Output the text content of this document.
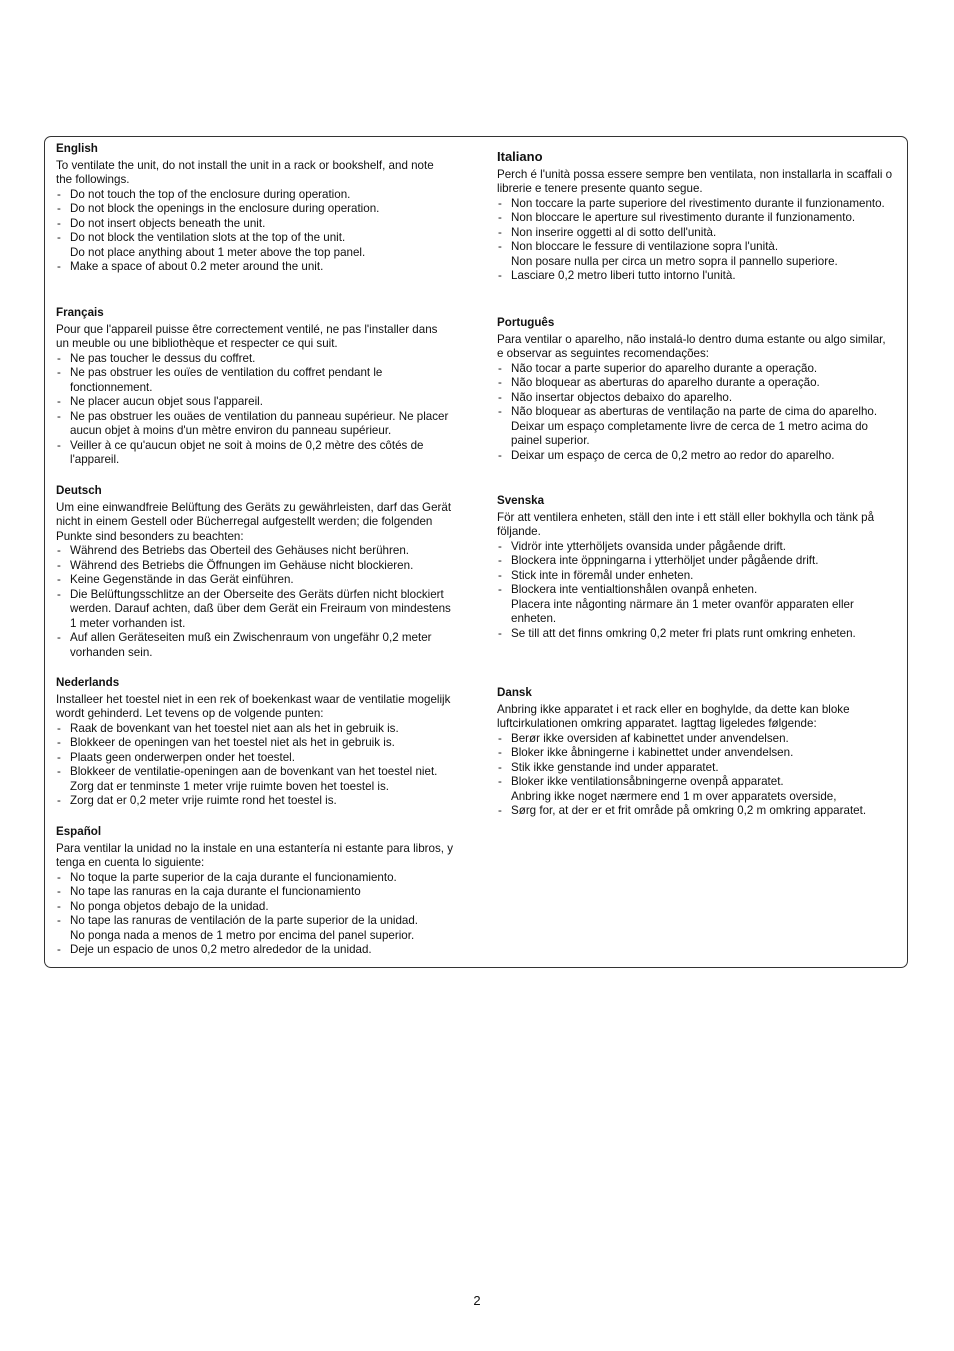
English

To ventilate the unit, do not install the unit in a rack or bookshelf, and note the followings.

- Do not touch the top of the enclosure during operation.
- Do not block the openings in the enclosure during operation.
- Do not insert objects beneath the unit.
- Do not block the ventilation slots at the top of the unit.
Do not place anything about 1 meter above the top panel.
- Make a space of about 0.2 meter around the unit.
Français

Pour que l'appareil puisse être correctement ventilé, ne pas l'installer dans un meuble ou une bibliothèque et respecter ce qui suit.

- Ne pas toucher le dessus du coffret.
- Ne pas obstruer les ouïes de ventilation du coffret pendant le fonctionnement.
- Ne placer aucun objet sous l'appareil.
- Ne pas obstruer les ouäes de ventilation du panneau supérieur. Ne placer aucun objet à moins d'un mètre environ du panneau supérieur.
- Veiller à ce qu'aucun objet ne soit à moins de 0,2 mètre des côtés de l'appareil.
Deutsch

Um eine einwandfreie Belüftung des Geräts zu gewährleisten, darf das Gerät nicht in einem Gestell oder Bücherregal aufgestellt werden; die folgenden Punkte sind besonders zu beachten:

- Während des Betriebs das Oberteil des Gehäuses nicht berühren.
- Während des Betriebs die Öffnungen im Gehäuse nicht blockieren.
- Keine Gegenstände in das Gerät einführen.
- Die Belüftungsschlitze an der Oberseite des Geräts dürfen nicht blockiert werden. Darauf achten, daß über dem Gerät ein Freiraum von mindestens 1 meter vorhanden ist.
- Auf allen Geräteseiten muß ein Zwischenraum von ungefähr 0,2 meter vorhanden sein.
Nederlands

Installeer het toestel niet in een rek of boekenkast waar de ventilatie mogelijk wordt gehinderd. Let tevens op de volgende punten:

- Raak de bovenkant van het toestel niet aan als het in gebruik is.
- Blokkeer de openingen van het toestel niet als het in gebruik is.
- Plaats geen onderwerpen onder het toestel.
- Blokkeer de ventilatie-openingen aan de bovenkant van het toestel niet. Zorg dat er tenminste 1 meter vrije ruimte boven het toestel is.
- Zorg dat er 0,2 meter vrije ruimte rond het toestel is.
Español

Para ventilar la unidad no la instale en una estantería ni estante para libros, y tenga en cuenta lo siguiente:

- No toque la parte superior de la caja durante el funcionamiento.
- No tape las ranuras en la caja durante el funcionamiento
- No ponga objetos debajo de la unidad.
- No tape las ranuras de ventilación de la parte superior de la unidad.
No ponga nada a menos de 1 metro por encima del panel superior.
- Deje un espacio de unos 0,2 metro alrededor de la unidad.
Italiano

Perch é l'unità possa essere sempre ben ventilata, non installarla in scaffali o librerie e tenere presente quanto segue.

- Non toccare la parte superiore del rivestimento durante il funzionamento.
- Non bloccare le aperture sul rivestimento durante il funzionamento.
- Non inserire oggetti al di sotto dell'unità.
- Non bloccare le fessure di ventilazione sopra l'unità.
Non posare nulla per circa un metro sopra il pannello superiore.
- Lasciare 0,2 metro liberi tutto intorno l'unità.
Português

Para ventilar o aparelho, não instalá-lo dentro duma estante ou algo similar, e observar as seguintes recomendações:

- Não tocar a parte superior do aparelho durante a operação.
- Não bloquear as aberturas do aparelho durante a operação.
- Não insertar objectos debaixo do aparelho.
- Não bloquear as aberturas de ventilação na parte de cima do aparelho. Deixar um espaço completamente livre de cerca de 1 metro acima do painel superior.
- Deixar um espaço de cerca de 0,2 metro ao redor do aparelho.
Svenska

För att ventilera enheten, ställ den inte i ett ställ eller bokhylla och tänk på följande.

- Vidrör inte ytterhöljets ovansida under pågående drift.
- Blockera inte öppningarna i ytterhöljet under pågående drift.
- Stick inte in föremål under enheten.
- Blockera inte ventialtionshålen ovanpå enheten.
Placera inte någonting närmare än 1 meter ovanför apparaten eller enheten.
- Se till att det finns omkring 0,2 meter fri plats runt omkring enheten.
Dansk

Anbring ikke apparatet i et rack eller en boghylde, da dette kan bloke luftcirkulationen omkring apparatet. Iagttag ligeledes følgende:

- Berør ikke oversiden af kabinettet under anvendelsen.
- Bloker ikke åbningerne i kabinettet under anvendelsen.
- Stik ikke genstande ind under apparatet.
- Bloker ikke ventilationsåbningerne ovenpå apparatet.
Anbring ikke noget nærmere end 1 m over apparatets overside,
- Sørg for, at der er et frit område på omkring 0,2 m omkring apparatet.
2
